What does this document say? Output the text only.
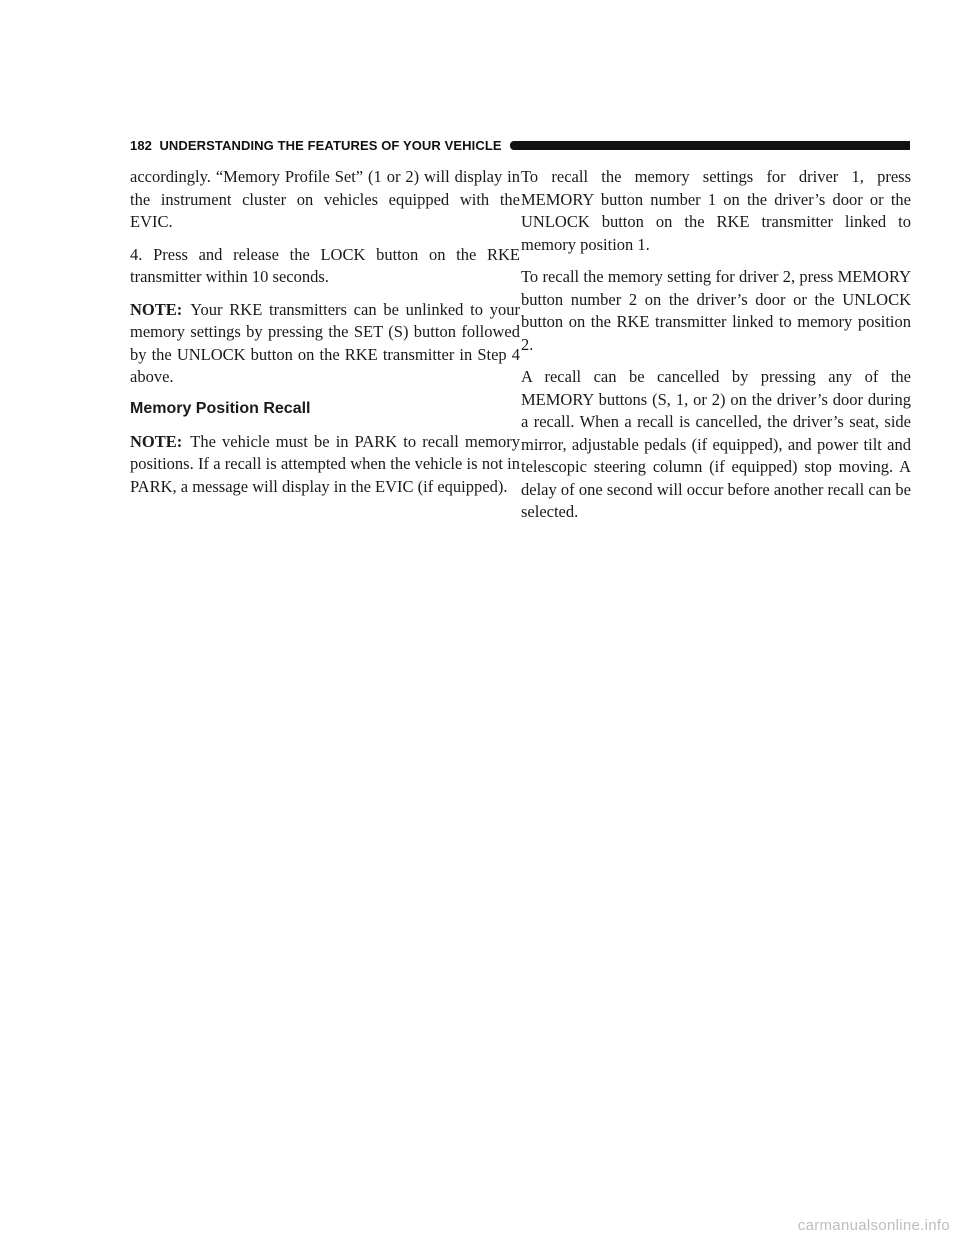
182 UNDERSTANDING THE FEATURES OF YOUR VEHICLE

accordingly. “Memory Profile Set” (1 or 2) will display in the instrument cluster on vehicles equipped with the EVIC.

4. Press and release the LOCK button on the RKE transmitter within 10 seconds.

NOTE: Your RKE transmitters can be unlinked to your memory settings by pressing the SET (S) button followed by the UNLOCK button on the RKE transmitter in Step 4 above.

Memory Position Recall

NOTE: The vehicle must be in PARK to recall memory positions. If a recall is attempted when the vehicle is not in PARK, a message will display in the EVIC (if equipped).

To recall the memory settings for driver 1, press MEMORY button number 1 on the driver’s door or the UNLOCK button on the RKE transmitter linked to memory position 1.

To recall the memory setting for driver 2, press MEMORY button number 2 on the driver’s door or the UNLOCK button on the RKE transmitter linked to memory position 2.

A recall can be cancelled by pressing any of the MEMORY buttons (S, 1, or 2) on the driver’s door during a recall. When a recall is cancelled, the driver’s seat, side mirror, adjustable pedals (if equipped), and power tilt and telescopic steering column (if equipped) stop moving. A delay of one second will occur before another recall can be selected.

carmanualsonline.info
